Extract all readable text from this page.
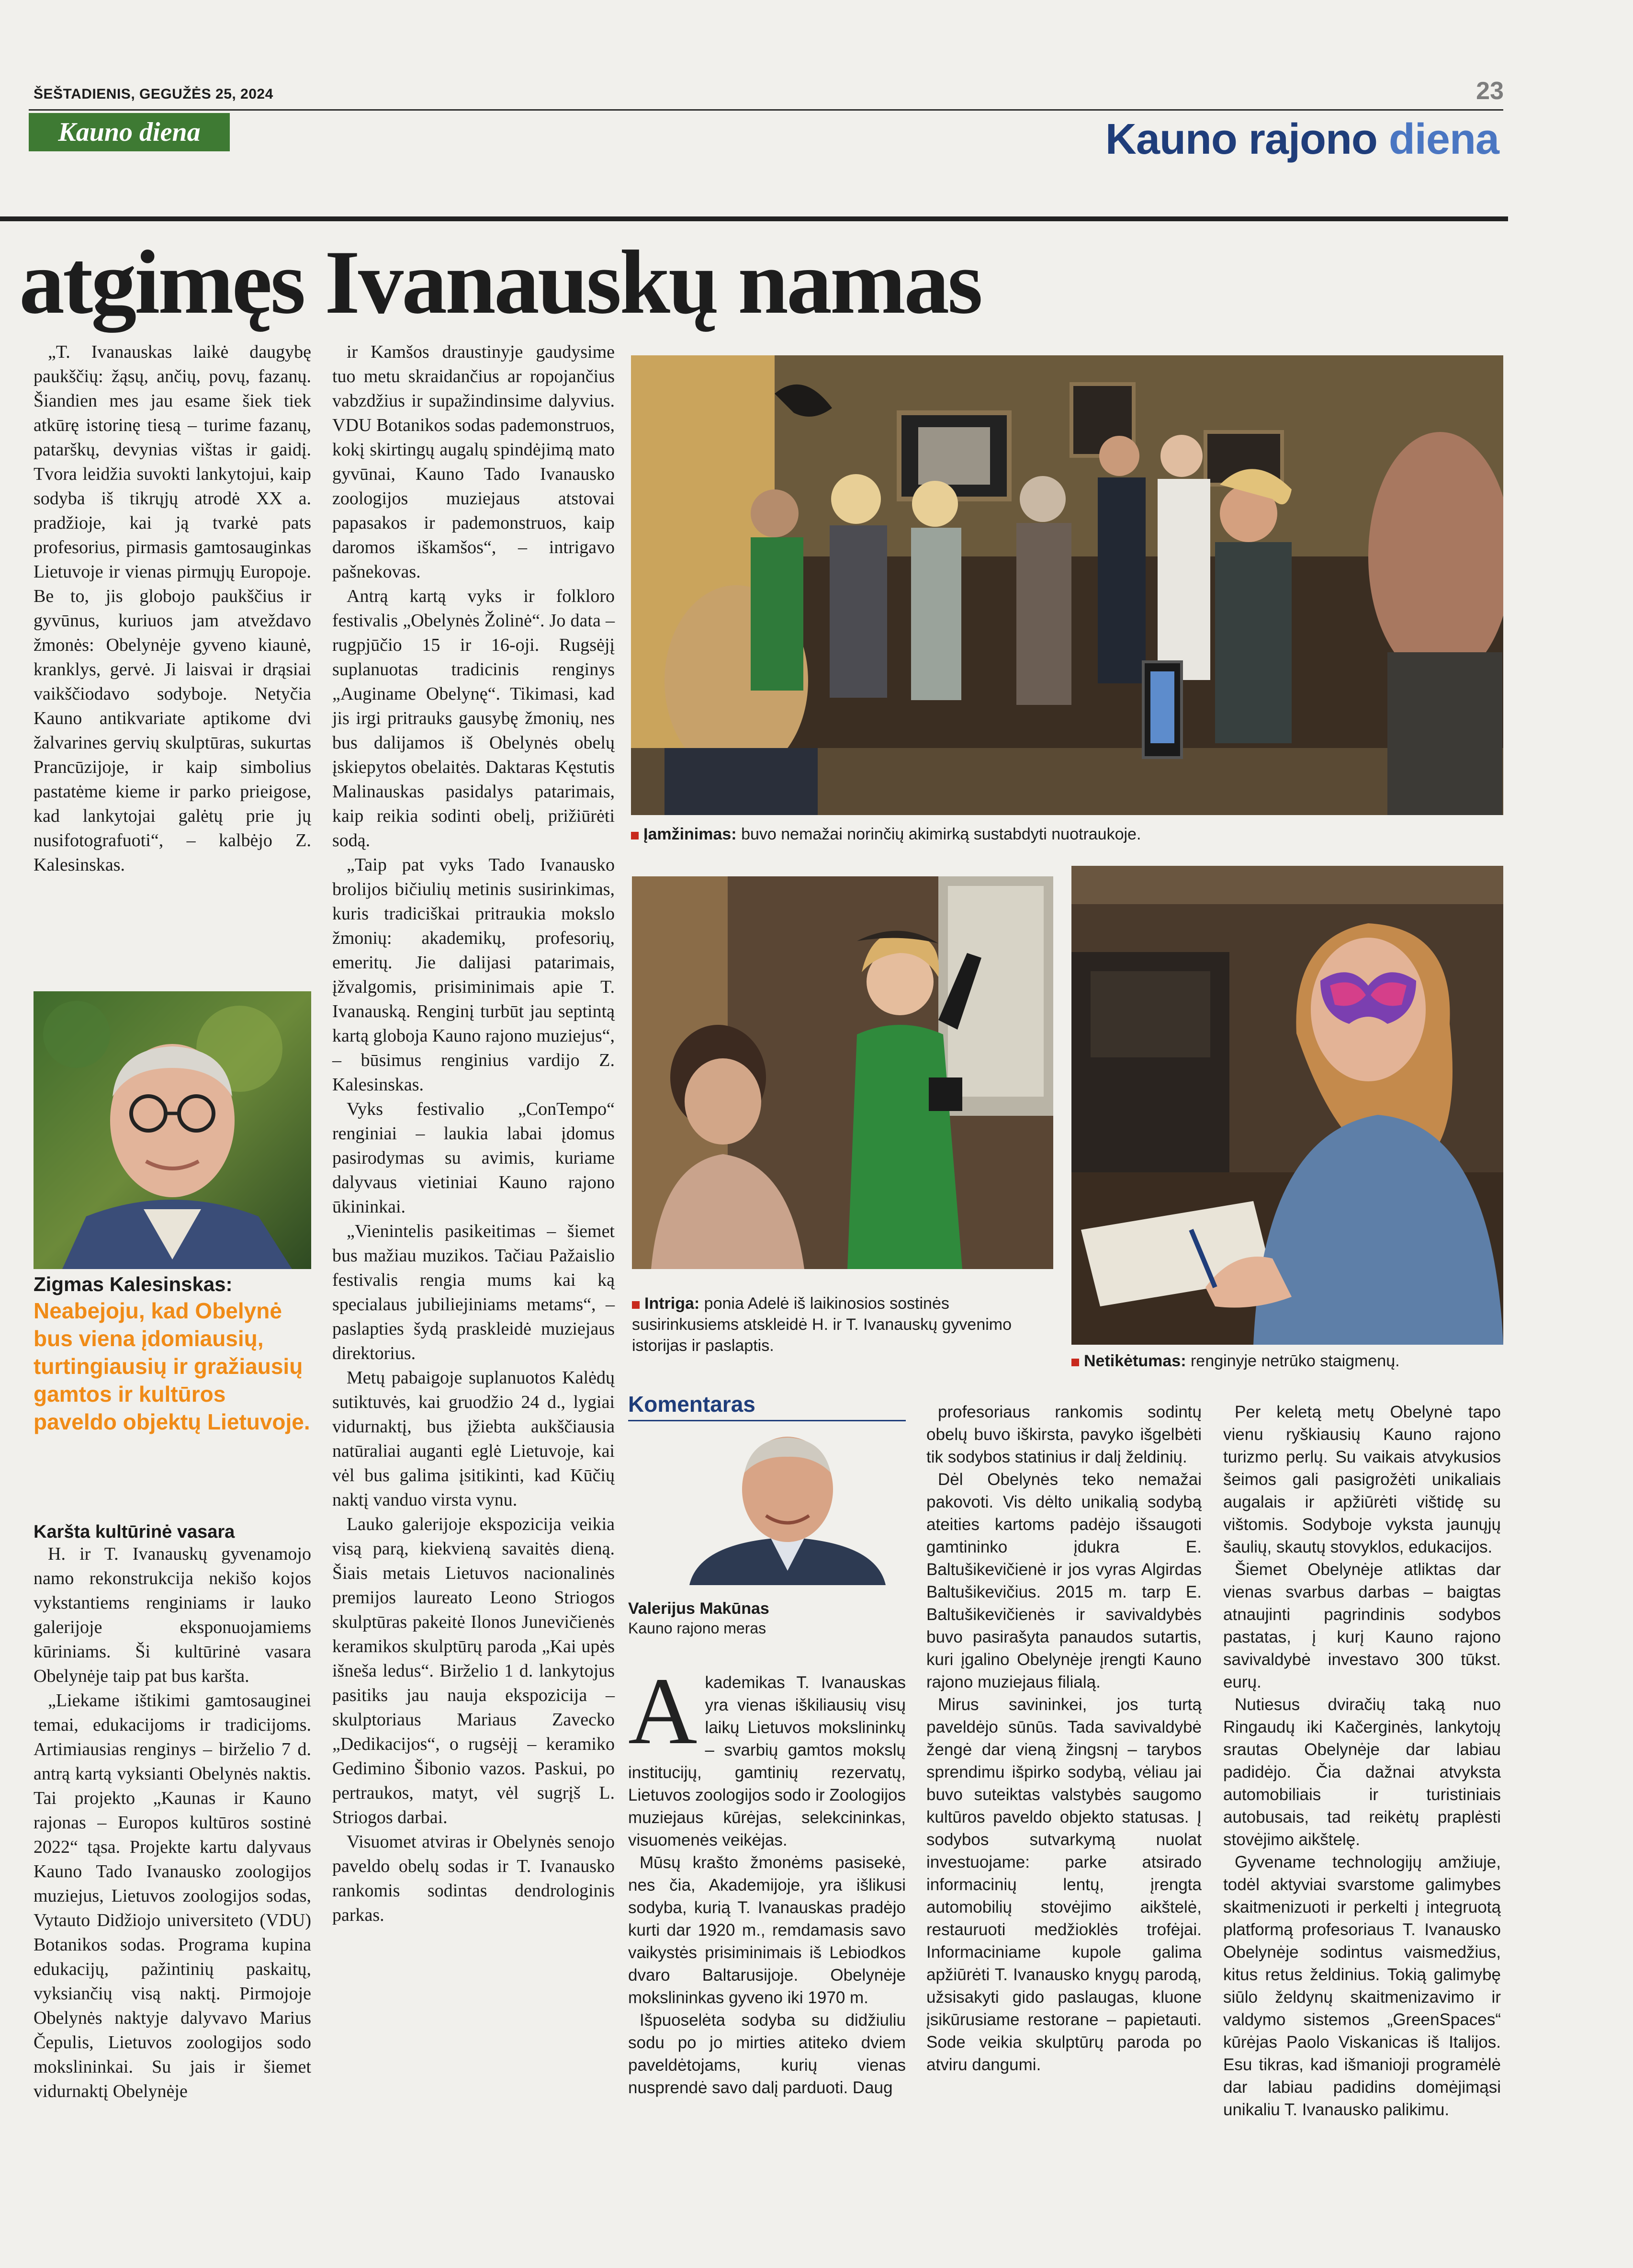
ŠEŠTADIENIS, GEGUŽĖS 25, 2024	23
Kauno diena	Kauno rajono diena
atgimęs Ivanauskų namas

„T. Ivanauskas laikė daugybę paukščių: žąsų, ančių, povų, fazanų. Šiandien mes jau esame šiek tiek atkūrę istorinę tiesą – turime fazanų, patarškų, devynias vištas ir gaidį. Tvora leidžia suvokti lankytojui, kaip sodyba iš tikrųjų atrodė XX a. pradžioje, kai ją tvarkė pats profesorius, pirmasis gamtosauginkas Lietuvoje ir vienas pirmųjų Europoje. Be to, jis globojo paukščius ir gyvūnus, kuriuos jam atveždavo žmonės: Obelynėje gyveno kiaunė, kranklys, gervė. Ji laisvai ir drąsiai vaikščiodavo sodyboje. Netyčia Kauno antikvariate aptikome dvi žalvarines gervių skulptūras, sukurtas Prancūzijoje, ir kaip simbolius pastatėme kieme ir parko prieigose, kad lankytojai galėtų prie jų nusifotografuoti“, – kalbėjo Z. Kalesinskas.

Zigmas Kalesinskas:
Neabejoju, kad Obelynė bus viena įdomiausių, turtingiausių ir gražiausių gamtos ir kultūros paveldo objektų Lietuvoje.
Karšta kultūrinė vasara

H. ir T. Ivanauskų gyvenamojo namo rekonstrukcija nekišo kojos vykstantiems renginiams ir lauko galerijoje eksponuojamiems kūriniams. Ši kultūrinė vasara Obelynėje taip pat bus karšta.

„Liekame ištikimi gamtosauginei temai, edukacijoms ir tradicijoms. Artimiausias renginys – birželio 7 d. antrą kartą vyksianti Obelynės naktis. Tai projekto „Kaunas ir Kauno rajonas – Europos kultūros sostinė 2022“ tąsa. Projekte kartu dalyvaus Kauno Tado Ivanausko zoologijos muziejus, Lietuvos zoologijos sodas, Vytauto Didžiojo universiteto (VDU) Botanikos sodas. Programa kupina edukacijų, pažintinių paskaitų, vyksiančių visą naktį. Pirmojoje Obelynės naktyje dalyvavo Marius Čepulis, Lietuvos zoologijos sodo mokslininkai. Su jais ir šiemet vidurnaktį Obelynėje

ir Kamšos draustinyje gaudysime tuo metu skraidančius ar ropojančius vabzdžius ir supažindinsime dalyvius. VDU Botanikos sodas pademonstruos, kokį skirtingų augalų spindėjimą mato gyvūnai, Kauno Tado Ivanausko zoologijos muziejaus atstovai papasakos ir pademonstruos, kaip daromos iškamšos“, – intrigavo pašnekovas.

Antrą kartą vyks ir folkloro festivalis „Obelynės Žolinė“. Jo data – rugpjūčio 15 ir 16-oji. Rugsėjį suplanuotas tradicinis renginys „Auginame Obelynę“. Tikimasi, kad jis irgi pritrauks gausybę žmonių, nes bus dalijamos iš Obelynės obelų įskiepytos obelaitės. Daktaras Kęstutis Malinauskas pasidalys patarimais, kaip reikia sodinti obelį, prižiūrėti sodą.

„Taip pat vyks Tado Ivanausko brolijos bičiulių metinis susirinkimas, kuris tradiciškai pritraukia mokslo žmonių: akademikų, profesorių, emeritų. Jie dalijasi patarimais, įžvalgomis, prisiminimais apie T. Ivanauską. Renginį turbūt jau septintą kartą globoja Kauno rajono muziejus“, – būsimus renginius vardijo Z. Kalesinskas.

Vyks festivalio „ConTempo“ renginiai – laukia labai įdomus pasirodymas su avimis, kuriame dalyvaus vietiniai Kauno rajono ūkininkai.

„Vienintelis pasikeitimas – šiemet bus mažiau muzikos. Tačiau Pažaislio festivalis rengia mums kai ką specialaus jubiliejiniams metams“, – paslapties šydą praskleidė muziejaus direktorius.

Metų pabaigoje suplanuotos Kalėdų sutiktuvės, kai gruodžio 24 d., lygiai vidurnaktį, bus įžiebta aukščiausia natūraliai auganti eglė Lietuvoje, kai vėl bus galima įsitikinti, kad Kūčių naktį vanduo virsta vynu.

Lauko galerijoje ekspozicija veikia visą parą, kiekvieną savaitės dieną. Šiais metais Lietuvos nacionalinės premijos laureato Leono Striogos skulptūras pakeitė Ilonos Junevičienės keramikos skulptūrų paroda „Kai upės išneša ledus“. Birželio 1 d. lankytojus pasitiks jau nauja ekspozicija – skulptoriaus Mariaus Zavecko „Dedikacijos“, o rugsėjį – keramiko Gedimino Šibonio vazos. Paskui, po pertraukos, matyt, vėl sugrįš L. Striogos darbai.

Visuomet atviras ir Obelynės senojo paveldo obelų sodas ir T. Ivanausko rankomis sodintas dendrologinis parkas.

Įamžinimas: buvo nemažai norinčių akimirką sustabdyti nuotraukoje.
Intriga: ponia Adelė iš laikinosios sostinės susirinkusiems atskleidė H. ir T. Ivanauskų gyvenimo istorijas ir paslaptis.
Netikėtumas: renginyje netrūko staigmenų.
Komentaras
Valerijus Makūnas
Kauno rajono meras
A kademikas T. Ivanauskas yra vienas iškiliausių visų laikų Lietuvos mokslininkų – svarbių gamtos mokslų institucijų, gamtinių rezervatų, Lietuvos zoologijos sodo ir Zoologijos muziejaus kūrėjas, selekcininkas, visuomenės veikėjas.

Mūsų krašto žmonėms pasisekė, nes čia, Akademijoje, yra išlikusi sodyba, kurią T. Ivanauskas pradėjo kurti dar 1920 m., remdamasis savo vaikystės prisiminimais iš Lebiodkos dvaro Baltarusijoje. Obelynėje mokslininkas gyveno iki 1970 m.

Išpuoselėta sodyba su didžiuliu sodu po jo mirties atiteko dviem paveldėtojams, kurių vienas nusprendė savo dalį parduoti. Daug

profesoriaus rankomis sodintų obelų buvo iškirsta, pavyko išgelbėti tik sodybos statinius ir dalį želdinių.

Dėl Obelynės teko nemažai pakovoti. Vis dėlto unikalią sodybą ateities kartoms padėjo išsaugoti gamtininko įdukra E. Baltušikevičienė ir jos vyras Algirdas Baltušikevičius. 2015 m. tarp E. Baltušikevičienės ir savivaldybės buvo pasirašyta panaudos sutartis, kuri įgalino Obelynėje įrengti Kauno rajono muziejaus filialą.

Mirus savininkei, jos turtą paveldėjo sūnūs. Tada savivaldybė žengė dar vieną žingsnį – tarybos sprendimu išpirko sodybą, vėliau jai buvo suteiktas valstybės saugomo kultūros paveldo objekto statusas. Į sodybos sutvarkymą nuolat investuojame: parke atsirado informacinių lentų, įrengta automobilių stovėjimo aikštelė, restauruoti medžioklės trofėjai. Informaciniame kupole galima apžiūrėti T. Ivanausko knygų parodą, užsisakyti gido paslaugas, kluone įsikūrusiame restorane – papietauti. Sode veikia skulptūrų paroda po atviru dangumi.

Per keletą metų Obelynė tapo vienu ryškiausių Kauno rajono turizmo perlų. Su vaikais atvykusios šeimos gali pasigrožėti unikaliais augalais ir apžiūrėti vištidę su vištomis. Sodyboje vyksta jaunųjų šaulių, skautų stovyklos, edukacijos.

Šiemet Obelynėje atliktas dar vienas svarbus darbas – baigtas atnaujinti pagrindinis sodybos pastatas, į kurį Kauno rajono savivaldybė investavo 300 tūkst. eurų.

Nutiesus dviračių taką nuo Ringaudų iki Kačerginės, lankytojų srautas Obelynėje dar labiau padidėjo. Čia dažnai atvyksta automobiliais ir turistiniais autobusais, tad reikėtų praplėsti stovėjimo aikštelę.

Gyvename technologijų amžiuje, todėl aktyviai svarstome galimybes skaitmenizuoti ir perkelti į integruotą platformą profesoriaus T. Ivanausko Obelynėje sodintus vaismedžius, kitus retus želdinius. Tokią galimybę siūlo želdynų skaitmenizavimo ir valdymo sistemos „GreenSpaces“ kūrėjas Paolo Viskanicas iš Italijos. Esu tikras, kad išmanioji programėlė dar labiau padidins domėjimąsi unikaliu T. Ivanausko palikimu.
